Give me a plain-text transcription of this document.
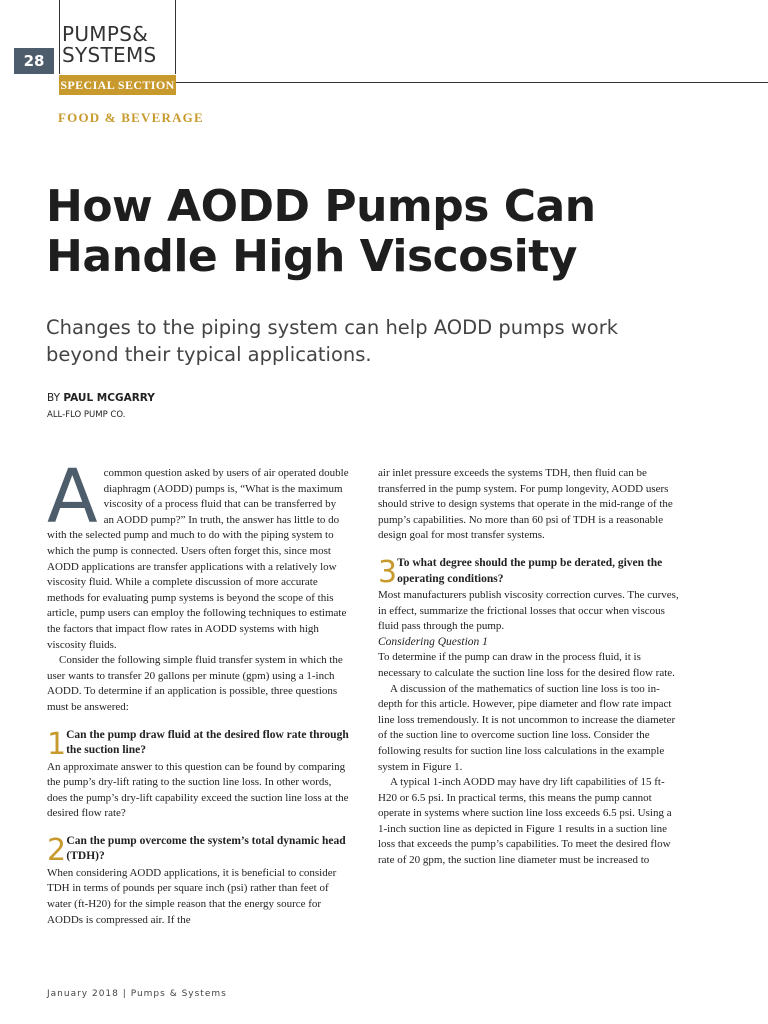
28
PUMPS&
SYSTEMS
SPECIAL SECTION
FOOD & BEVERAGE
How AODD Pumps Can Handle High Viscosity
Changes to the piping system can help AODD pumps work beyond their typical applications.
BY PAUL MCGARRY
ALL-FLO PUMP CO.

Acommon question asked by users of air operated double diaphragm (AODD) pumps is, “What is the maximum viscosity of a process fluid that can be transferred by an AODD pump?” In truth, the answer has little to do with the selected pump and much to do with the piping system to which the pump is connected. Users often forget this, since most AODD applications are transfer applications with a relatively low viscosity fluid. While a complete discussion of more accurate methods for evaluating pump systems is beyond the scope of this article, pump users can employ the following techniques to estimate the factors that impact flow rates in AODD systems with high viscosity fluids.

Consider the following simple fluid transfer system in which the user wants to transfer 20 gallons per minute (gpm) using a 1-inch AODD. To determine if an application is possible, three questions must be answered:

1 Can the pump draw fluid at the desired flow rate through the suction line?

An approximate answer to this question can be found by comparing the pump’s dry-lift rating to the suction line loss. In other words, does the pump’s dry-lift capability exceed the suction line loss at the desired flow rate?

2 Can the pump overcome the system’s total dynamic head (TDH)?

When considering AODD applications, it is beneficial to consider TDH in terms of pounds per square inch (psi) rather than feet of water (ft-H20) for the simple reason that the energy source for AODDs is compressed air. If the

air inlet pressure exceeds the systems TDH, then fluid can be transferred in the pump system. For pump longevity, AODD users should strive to design systems that operate in the mid-range of the pump’s capabilities. No more than 60 psi of TDH is a reasonable design goal for most transfer systems.

3 To what degree should the pump be derated, given the operating conditions?

Most manufacturers publish viscosity correction curves. The curves, in effect, summarize the frictional losses that occur when viscous fluid pass through the pump.

Considering Question 1

To determine if the pump can draw in the process fluid, it is necessary to calculate the suction line loss for the desired flow rate.

A discussion of the mathematics of suction line loss is too in-depth for this article. However, pipe diameter and flow rate impact line loss tremendously. It is not uncommon to increase the diameter of the suction line to overcome suction line loss. Consider the following results for suction line loss calculations in the example system in Figure 1.

A typical 1-inch AODD may have dry lift capabilities of 15 ft-H20 or 6.5 psi. In practical terms, this means the pump cannot operate in systems where suction line loss exceeds 6.5 psi. Using a 1-inch suction line as depicted in Figure 1 results in a suction line loss that exceeds the pump’s capabilities. To meet the desired flow rate of 20 gpm, the suction line diameter must be increased to

January 2018 | Pumps & Systems
